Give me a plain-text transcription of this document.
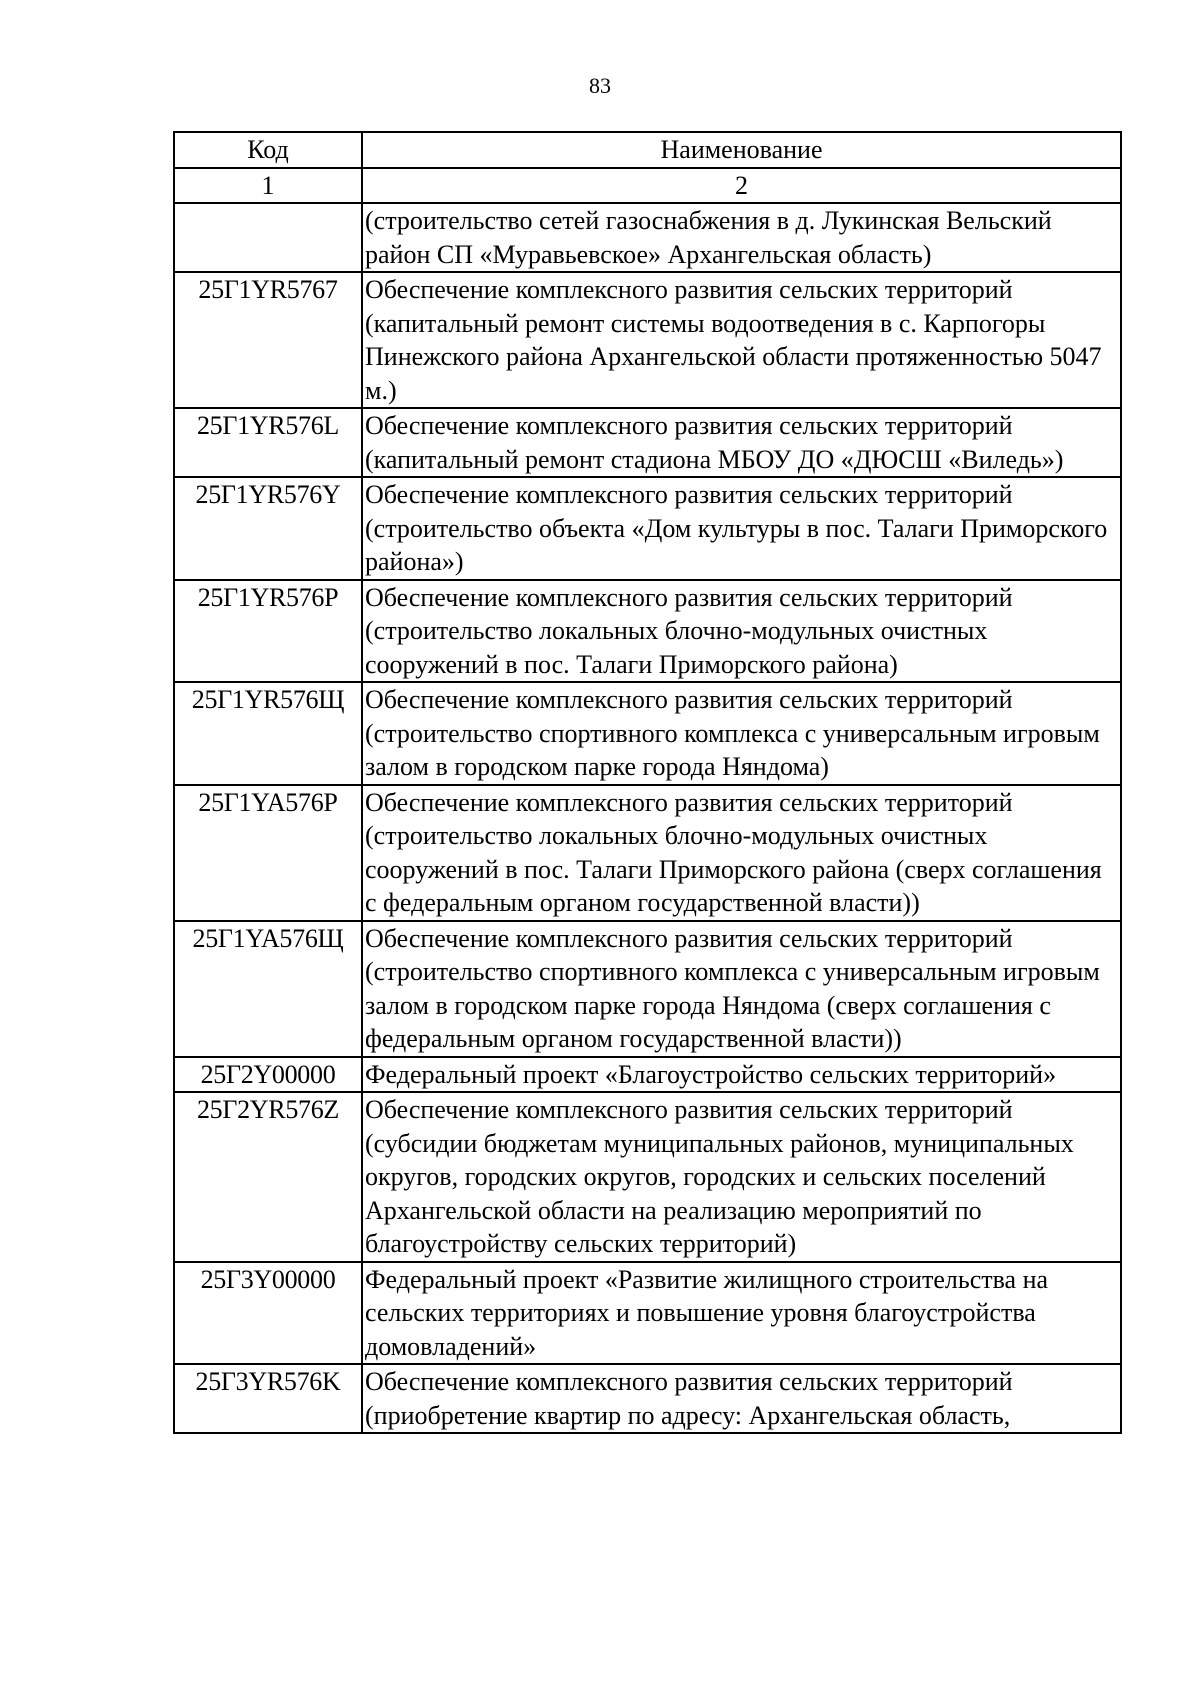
83
Код	Наименование
1	2
	(строительство сетей газоснабжения в д. Лукинская Вельский район СП «Муравьевское» Архангельская область)
25Г1YR5767	Обеспечение комплексного развития сельских территорий (капитальный ремонт системы водоотведения в с. Карпогоры Пинежского района Архангельской области протяженностью 5047 м.)
25Г1YR576L	Обеспечение комплексного развития сельских территорий (капитальный ремонт стадиона МБОУ ДО «ДЮСШ «Виледь»)
25Г1YR576Y	Обеспечение комплексного развития сельских территорий (строительство объекта «Дом культуры в пос. Талаги Приморского района»)
25Г1YR576P	Обеспечение комплексного развития сельских территорий (строительство локальных блочно-модульных очистных сооружений в пос. Талаги Приморского района)
25Г1YR576Щ	Обеспечение комплексного развития сельских территорий (строительство спортивного комплекса с универсальным игровым залом в городском парке города Няндома)
25Г1YA576P	Обеспечение комплексного развития сельских территорий (строительство локальных блочно-модульных очистных сооружений в пос. Талаги Приморского района (сверх соглашения с федеральным органом государственной власти))
25Г1YA576Щ	Обеспечение комплексного развития сельских территорий (строительство спортивного комплекса с универсальным игровым залом в городском парке города Няндома (сверх соглашения с федеральным органом государственной власти))
25Г2Y00000	Федеральный проект «Благоустройство сельских территорий»
25Г2YR576Z	Обеспечение комплексного развития сельских территорий (субсидии бюджетам муниципальных районов, муниципальных округов, городских округов, городских и сельских поселений Архангельской области на реализацию мероприятий по благоустройству сельских территорий)
25Г3Y00000	Федеральный проект «Развитие жилищного строительства на сельских территориях и повышение уровня благоустройства домовладений»
25Г3YR576K	Обеспечение комплексного развития сельских территорий (приобретение квартир по адресу: Архангельская область,
